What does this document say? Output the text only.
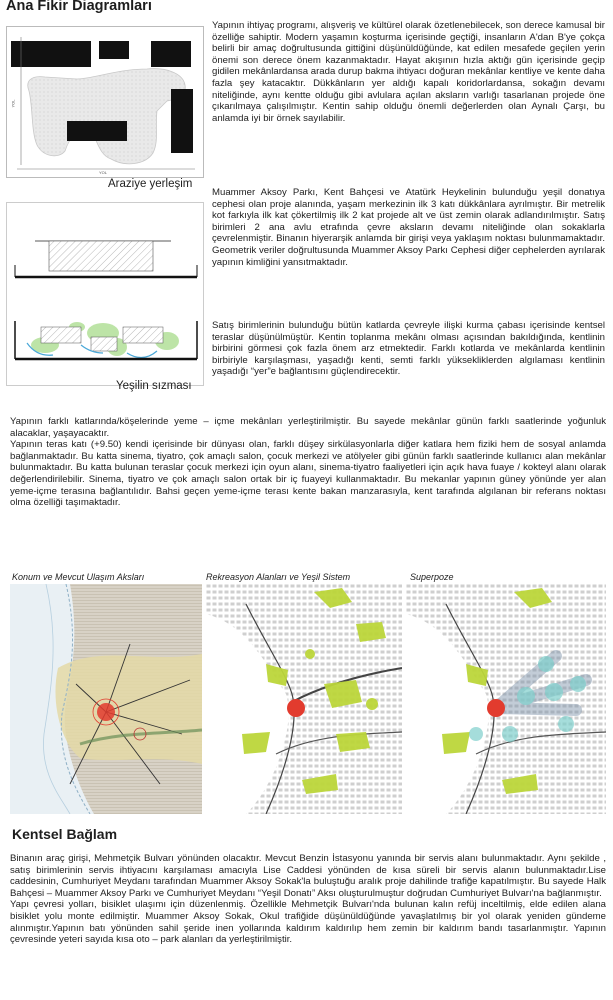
Ana Fikir Diagramları
YOL
YOL
Araziye yerleşim
Yeşilin sızması
Yapının ihtiyaç programı, alışveriş ve kültürel olarak özetlenebilecek, son derece kamusal bir özelliğe sahiptir. Modern yaşamın koşturma içerisinde geçtiği, insanların A'dan B'ye çokça belirli bir amaç doğrultusunda gittiğini düşünüldüğünde, kat edilen mesafede geçilen yerin önemi son derece önem kazanmaktadır. Hayat akışının hızla aktığı gün içerisinde geçip gidilen mekânlardansa arada durup bakma ihtiyacı doğuran mekânlar kentliye ve kente daha fazla şey katacaktır. Dükkânların yer aldığı kapalı koridorlardansa, sokağın devamı niteliğinde, aynı kentte olduğu gibi avlulara açılan aksların varlığı tasarlanan projede öne çıkarılmaya çalışılmıştır. Kentin sahip olduğu önemli değerlerden olan Aynalı Çarşı, bu anlamda iyi bir örnek sayılabilir.
Muammer Aksoy Parkı, Kent Bahçesi ve Atatürk Heykelinin bulunduğu yeşil donatıya cephesi olan proje alanında, yaşam merkezinin ilk 3 katı dükkânlara ayrılmıştır. Bir metrelik kot farkıyla ilk kat çökertilmiş ilk 2 kat projede alt ve üst zemin olarak adlandırılmıştır. Satış birimleri 2 ana avlu etrafında çevre aksların devamı niteliğinde olan sokaklarla çevrelenmiştir. Binanın hiyerarşik anlamda bir girişi veya yaklaşım noktası bulunmamaktadır. Geometrik veriler doğrultusunda Muammer Aksoy Parkı Cephesi diğer cephelerden ayrılarak yapının kimliğini yansıtmaktadır.
Satış birimlerinin bulunduğu bütün katlarda çevreyle ilişki kurma çabası içerisinde kentsel teraslar düşünülmüştür. Kentin toplanma mekânı olması açısından bakıldığında, kentlinin birbirini görmesi çok fazla önem arz etmektedir. Farklı kotlarda ve mekânlarda kentlinin birbiriyle karşılaşması, yaşadığı kenti, semti farklı yüksekliklerden algılaması kentlinin yaşadığı “yer”e bağlantısını güçlendirecektir.

Yapının farklı katlarında/köşelerinde yeme – içme mekânları yerleştirilmiştir. Bu sayede mekânlar günün farklı saatlerinde yoğunluk alacaklar, yaşayacaktır.

Yapının teras katı (+9.50) kendi içerisinde bir dünyası olan, farklı düşey sirkülasyonlarla diğer katlara hem fiziki hem de sosyal anlamda bağlanmaktadır. Bu katta sinema, tiyatro, çok amaçlı salon, çocuk merkezi ve atölyeler gibi günün farklı saatlerinde kullanıcı alan mekânlar bulunmaktadır. Bu katta bulunan teraslar çocuk merkezi için oyun alanı, sinema-tiyatro faaliyetleri için açık hava fuaye / kokteyl alanı olarak değerlendirilebilir. Sinema, tiyatro ve çok amaçlı salon ortak bir iç fuayeyi kullanmaktadır. Bu mekanlar yapının güney yönünde yer alan yeme-içme terasına bağlantılıdır. Bahsi geçen yeme-içme terası kente bakan manzarasıyla, kent tarafında algılanan bir referans noktası olma özelliği taşımaktadır.

Konum ve Mevcut Ulaşım Aksları	Rekreasyon Alanları ve Yeşil Sistem	Superpoze
Kentsel Bağlam

Binanın araç girişi, Mehmetçik Bulvarı yönünden olacaktır. Mevcut Benzin İstasyonu yanında bir servis alanı bulunmaktadır. Aynı şekilde , satış birimlerinin servis ihtiyacını karşılaması amacıyla Lise Caddesi yönünden de kısa süreli bir servis alanın bulunmaktadır.Lise caddesinin, Cumhuriyet Meydanı tarafından Muammer Aksoy Sokak'la buluştuğu aralık proje dahilinde trafiğe kapatılmıştır. Bu sayede Halk Bahçesi – Muammer Aksoy Parkı ve Cumhuriyet Meydanı “Yeşil Donatı” Aksı oluşturulmuştur doğrudan Cumhuriyet Bulvarı'na bağlanmıştır.

Yapı çevresi yolları, bisiklet ulaşımı için düzenlenmiş. Özellikle Mehmetçik Bulvarı'nda bulunan kalın refüj inceltilmiş, elde edilen alana bisiklet yolu monte edilmiştir. Muammer Aksoy Sokak, Okul trafiğide düşünüldüğünde yavaşlatılmış bir yol olarak yeniden gündeme alınmıştır.Yapının batı yönünden sahil şeride inen yollarında kaldırım kaldırılıp hem zemin bir kaldırım bandı tasarlanmıştır. Yapının çevresinde yeteri sayıda kısa oto – park alanları da yerleştirilmiştir.
